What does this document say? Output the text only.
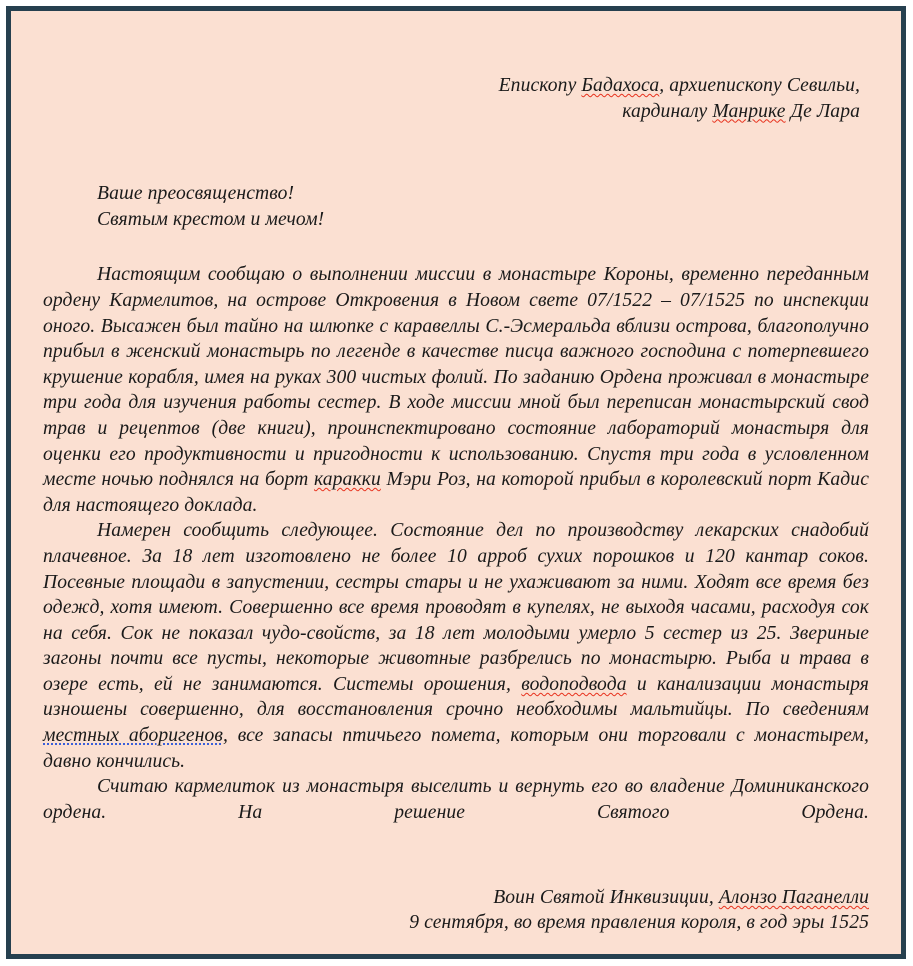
Епископу Бадахоса, архиепископу Севильи,
кардиналу Манрике Де Лара
Ваше преосвященство!
Святым крестом и мечом!

Настоящим сообщаю о выполнении миссии в монастыре Короны, временно переданным ордену Кармелитов, на острове Откровения в Новом свете 07/1522 – 07/1525 по инспекции оного. Высажен был тайно на шлюпке с каравеллы С.-Эсмеральда вблизи острова, благополучно прибыл в женский монастырь по легенде в качестве писца важного господина с потерпевшего крушение корабля, имея на руках 300 чистых фолий. По заданию Ордена проживал в монастыре три года для изучения работы сестер. В ходе миссии мной был переписан монастырский свод трав и рецептов (две книги), проинспектировано состояние лабораторий монастыря для оценки его продуктивности и пригодности к использованию. Спустя три года в условленном месте ночью поднялся на борт каракки Мэри Роз, на которой прибыл в королевский порт Кадис для настоящего доклада.

Намерен сообщить следующее. Состояние дел по производству лекарских снадобий плачевное. За 18 лет изготовлено не более 10 appoб сухих порошков и 120 кантар соков. Посевные площади в запустении, сестры стары и не ухаживают за ними. Ходят все время без одежд, хотя имеют. Совершенно все время проводят в купелях, не выходя часами, расходуя сок на себя. Сок не показал чудо-свойств, за 18 лет молодыми умерло 5 сестер из 25. Звериные загоны почти все пусты, некоторые животные разбрелись по монастырю. Рыба и трава в озере есть, ей не занимаются. Системы орошения, водоподвода и канализации монастыря изношены совершенно, для восстановления срочно необходимы мальтийцы. По сведениям местных аборигенов, все запасы птичьего помета, которым они торговали с монастырем, давно кончились.

Считаю кармелиток из монастыря выселить и вернуть его во владение Доминиканского ордена. На решение Святого Ордена.

Воин Святой Инквизиции, Алонзо Паганелли
9 сентября, во время правления короля, в год эры 1525
